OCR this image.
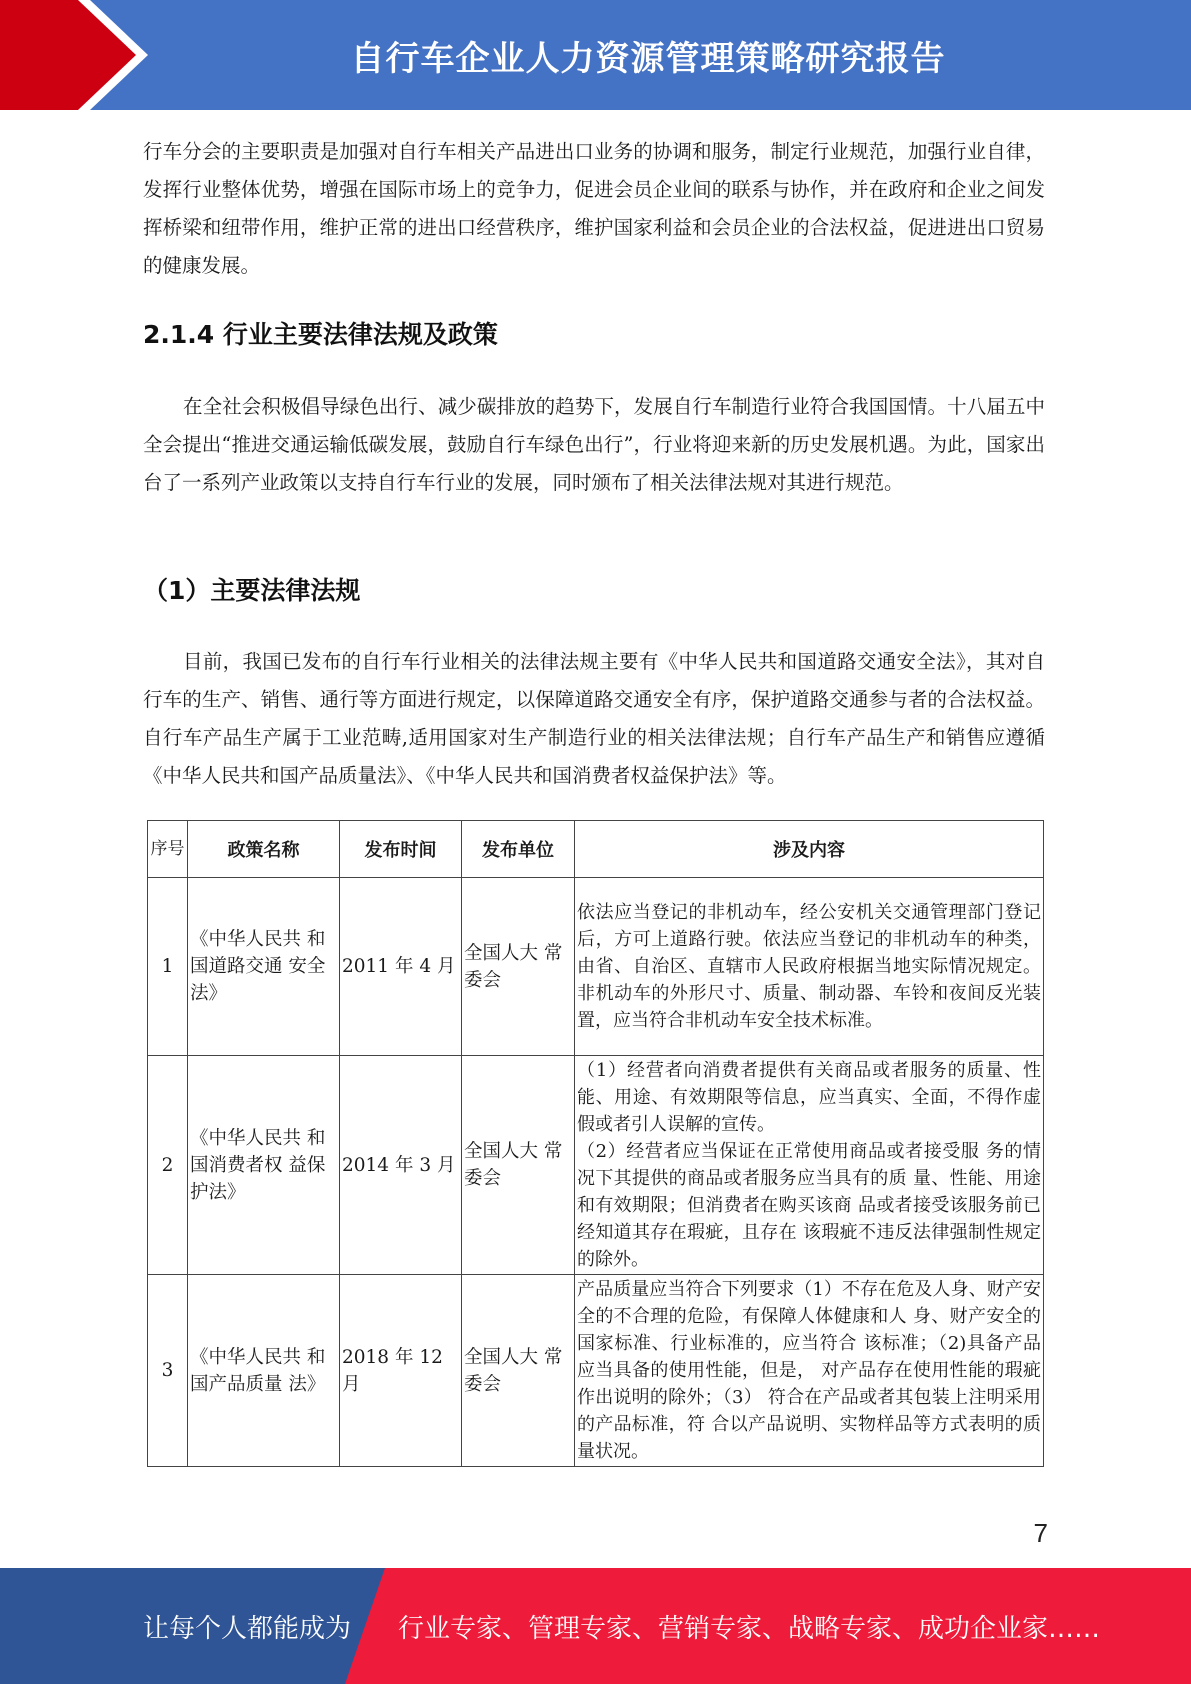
自行车企业人力资源管理策略研究报告

行车分会的主要职责是加强对自行车相关产品进出口业务的协调和服务，制定行业规范，加强行业自律，发挥行业整体优势，增强在国际市场上的竞争力，促进会员企业间的联系与协作，并在政府和企业之间发挥桥梁和纽带作用，维护正常的进出口经营秩序，维护国家利益和会员企业的合法权益，促进进出口贸易的健康发展。

2.1.4 行业主要法律法规及政策

在全社会积极倡导绿色出行、减少碳排放的趋势下，发展自行车制造行业符合我国国情。十八届五中全会提出“推进交通运输低碳发展，鼓励自行车绿色出行”，行业将迎来新的历史发展机遇。为此，国家出台了一系列产业政策以支持自行车行业的发展，同时颁布了相关法律法规对其进行规范。

（1）主要法律法规

目前，我国已发布的自行车行业相关的法律法规主要有《中华人民共和国道路交通安全法》，其对自行车的生产、销售、通行等方面进行规定，以保障道路交通安全有序，保护道路交通参与者的合法权益。自行车产品生产属于工业范畴,适用国家对生产制造行业的相关法律法规；自行车产品生产和销售应遵循《中华人民共和国产品质量法》、《中华人民共和国消费者权益保护法》等。

序号	政策名称	发布时间	发布单位	涉及内容
1	《中华人民共 和国道路交通 安全法》	2011 年 4 月	全国人大 常委会	依法应当登记的非机动车，经公安机关交通管理部门登记后，方可上道路行驶。依法应当登记的非机动车的种类，由省、自治区、直辖市人民政府根据当地实际情况规定。非机动车的外形尺寸、质量、制动器、车铃和夜间反光装置，应当符合非机动车安全技术标准。
2	《中华人民共 和国消费者权 益保护法》	2014 年 3 月	全国人大 常委会	（1）经营者向消费者提供有关商品或者服务的质量、性能、用途、有效期限等信息，应当真实、全面，不得作虚假或者引人误解的宣传。
（2）经营者应当保证在正常使用商品或者接受服 务的情况下其提供的商品或者服务应当具有的质 量、性能、用途和有效期限；但消费者在购买该商 品或者接受该服务前已经知道其存在瑕疵，且存在 该瑕疵不违反法律强制性规定的除外。

3	《中华人民共 和国产品质量 法》	2018 年 12 月	全国人大 常委会	产品质量应当符合下列要求（1）不存在危及人身、财产安全的不合理的危险，有保障人体健康和人 身、财产安全的国家标准、行业标准的，应当符合 该标准；（2)具备产品应当具备的使用性能，但是， 对产品存在使用性能的瑕疵作出说明的除外；（3） 符合在产品或者其包装上注明采用的产品标准，符 合以产品说明、实物样品等方式表明的质量状况。
7
让每个人都能成为 行业专家、管理专家、营销专家、战略专家、成功企业家……
